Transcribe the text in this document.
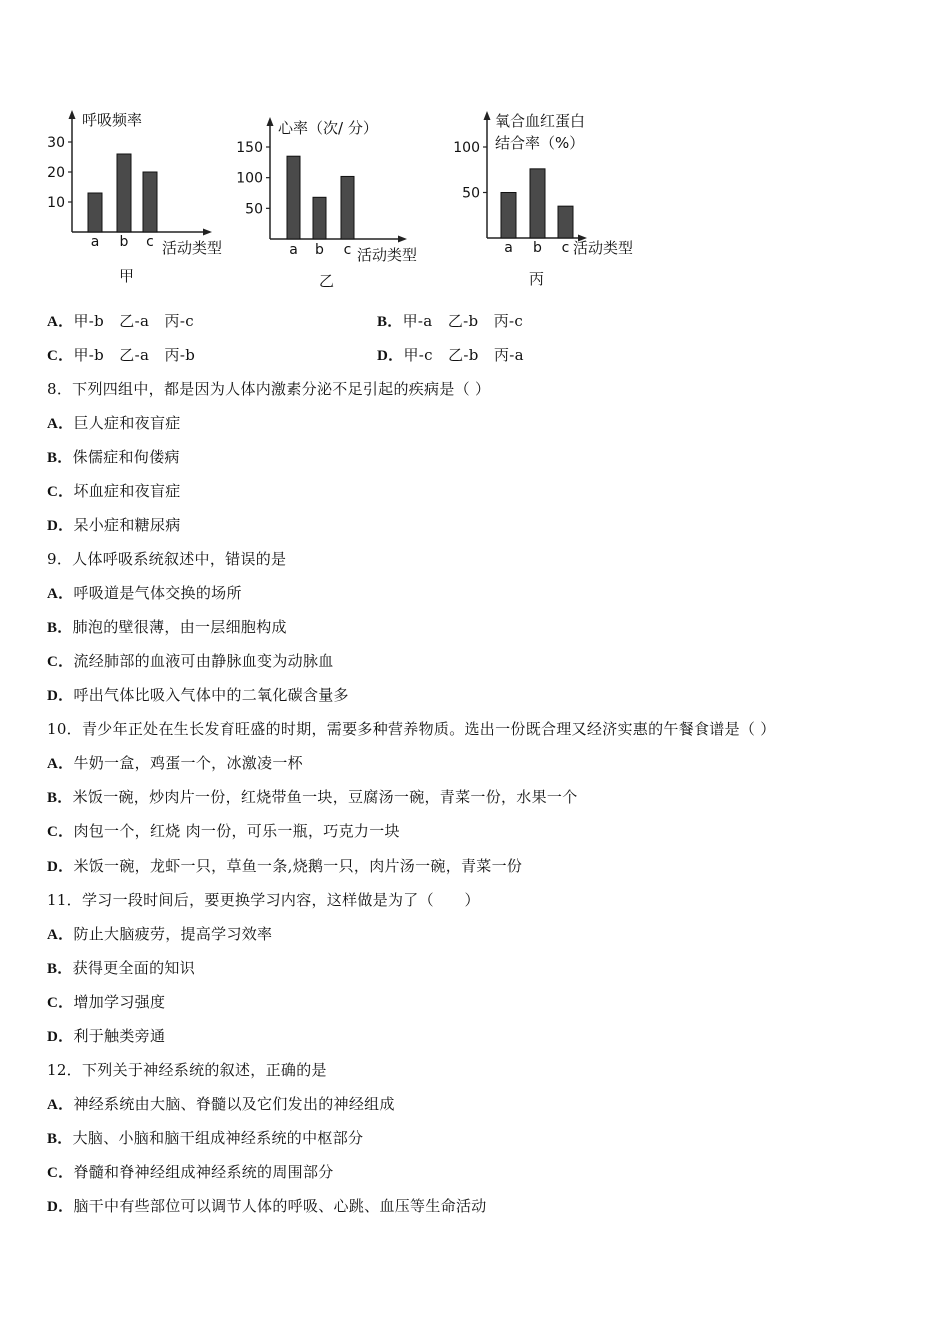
呼吸频率
10
20
30
a b c 活动类型
甲
心率（次/ 分）
50
100
150
a b c 活动类型
乙
氧合血红蛋白
结合率（%）
50
100
a b c 活动类型
丙
A．甲-b　乙-a　丙-c	B．甲-a　乙-b　丙-c
C．甲-b　乙-a　丙-b	D．甲-c　乙-b　丙-a
8．下列四组中，都是因为人体内激素分泌不足引起的疾病是（ ）
A．巨人症和夜盲症
B．侏儒症和佝偻病
C．坏血症和夜盲症
D．呆小症和糖尿病
9．人体呼吸系统叙述中，错误的是
A．呼吸道是气体交换的场所
B．肺泡的壁很薄，由一层细胞构成
C．流经肺部的血液可由静脉血变为动脉血
D．呼出气体比吸入气体中的二氧化碳含量多
10．青少年正处在生长发育旺盛的时期，需要多种营养物质。选出一份既合理又经济实惠的午餐食谱是（ ）
A．牛奶一盒，鸡蛋一个，冰激凌一杯
B．米饭一碗，炒肉片一份，红烧带鱼一块，豆腐汤一碗，青菜一份，水果一个
C．肉包一个，红烧 肉一份，可乐一瓶，巧克力一块
D．米饭一碗，龙虾一只，草鱼一条,烧鹅一只，肉片汤一碗，青菜一份
11．学习一段时间后，要更换学习内容，这样做是为了（　　）
A．防止大脑疲劳，提高学习效率
B．获得更全面的知识
C．增加学习强度
D．利于触类旁通
12．下列关于神经系统的叙述，正确的是
A．神经系统由大脑、脊髓以及它们发出的神经组成
B．大脑、小脑和脑干组成神经系统的中枢部分
C．脊髓和脊神经组成神经系统的周围部分
D．脑干中有些部位可以调节人体的呼吸、心跳、血压等生命活动
